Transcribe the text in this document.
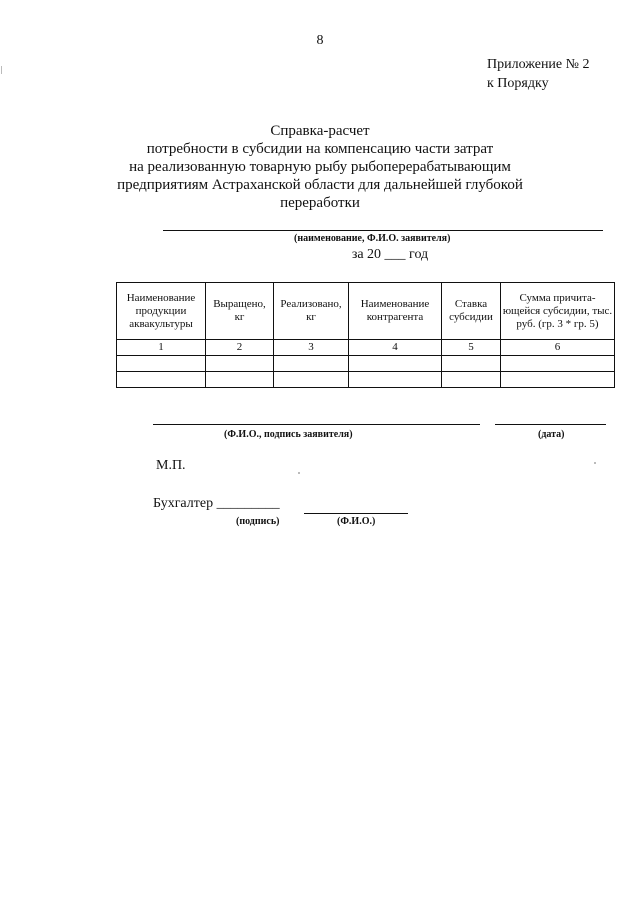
8
Приложение № 2
к Порядку
Справка-расчет
потребности в субсидии на компенсацию части затрат
на реализованную товарную рыбу рыбоперерабатывающим
предприятиям Астраханской области для дальнейшей глубокой
переработки
(наименование, Ф.И.О. заявителя)
за 20 ___ год
Наименование продукции аквакультуры	Выращено, кг	Реализовано, кг	Наименование контрагента	Ставка субсидии	Сумма причита-ющейся субсидии, тыс. руб. (гр. 3 * гр. 5)
1	2	3	4	5	6

(Ф.И.О., подпись заявителя)	(дата)
М.П.
Бухгалтер _________
(подпись)	(Ф.И.О.)
